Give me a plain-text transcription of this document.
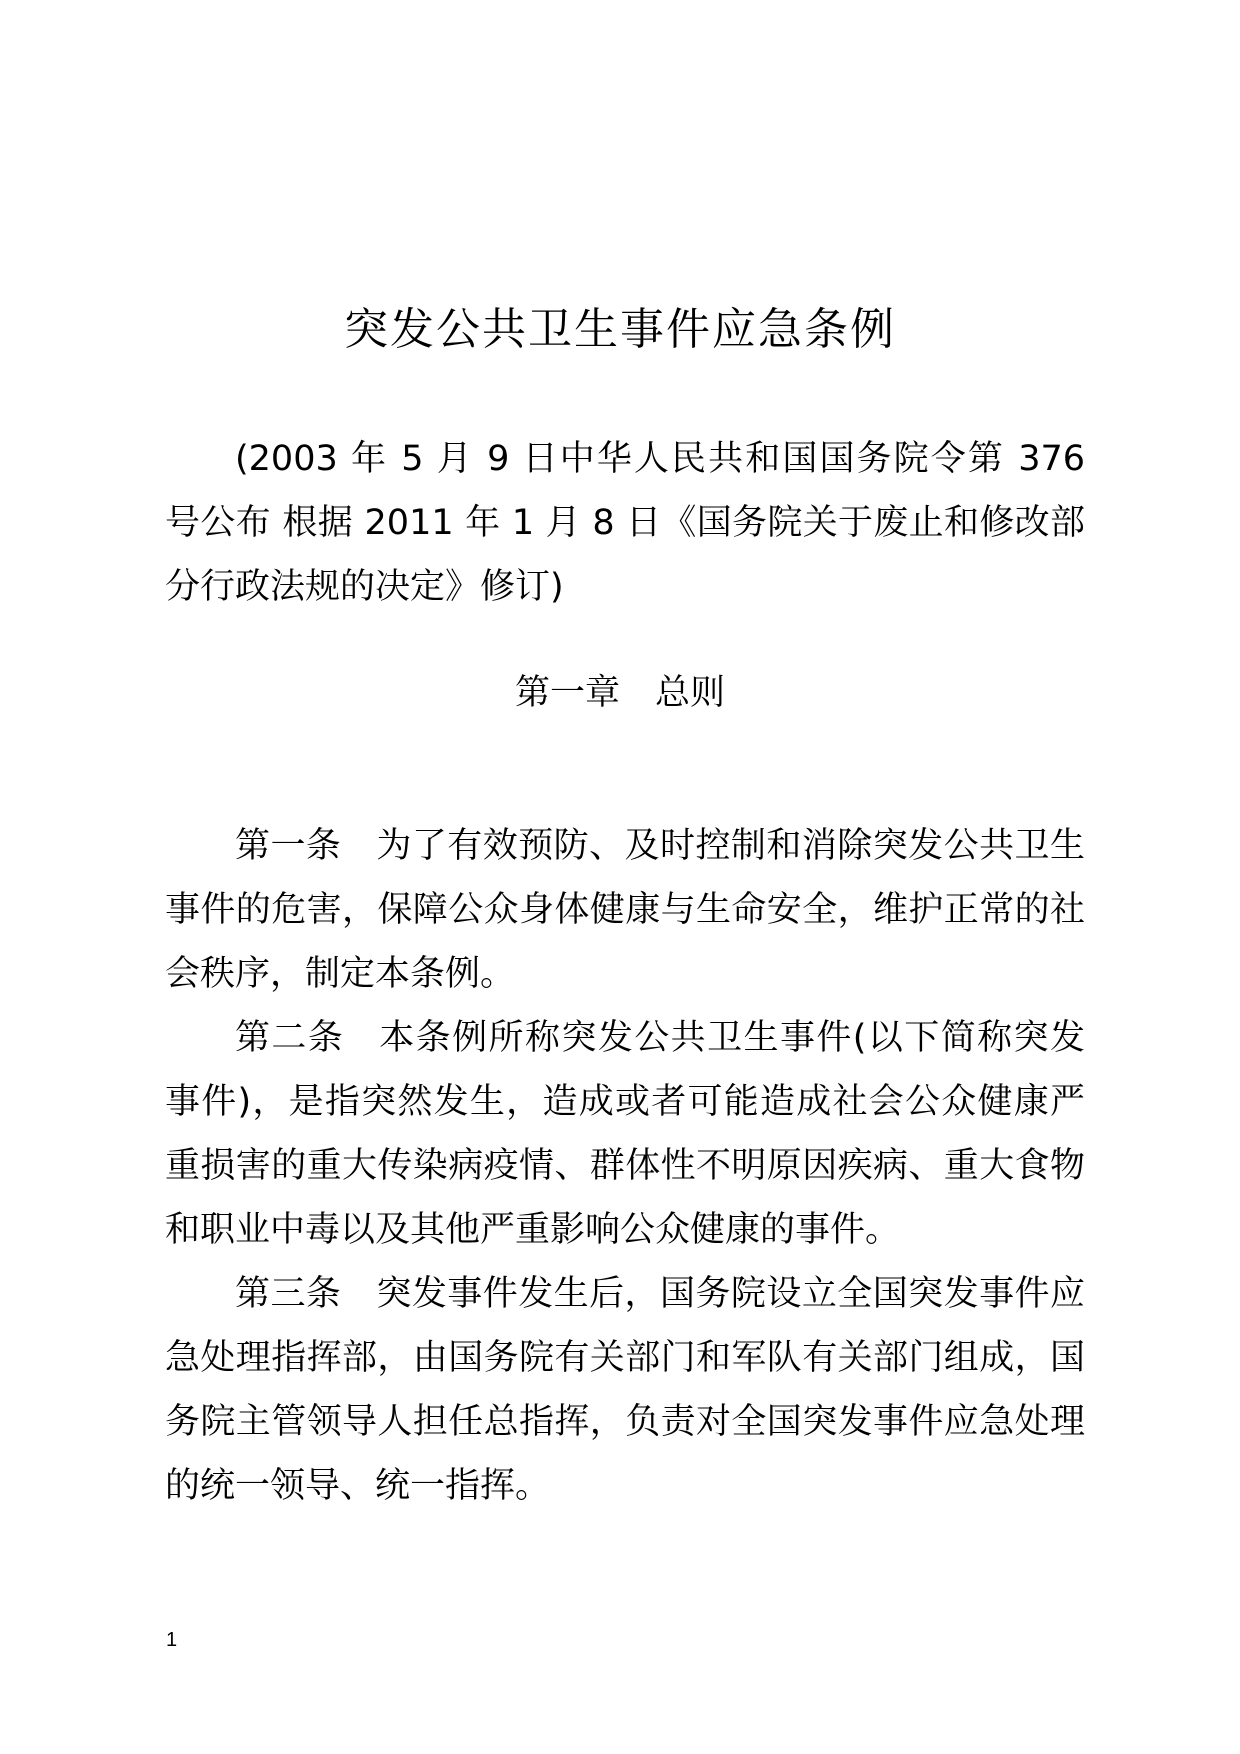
突发公共卫生事件应急条例

(2003 年 5 月 9 日中华人民共和国国务院令第 376 号公布 根据 2011 年 1 月 8 日《国务院关于废止和修改部分行政法规的决定》修订)

第一章 总则

第一条 为了有效预防、及时控制和消除突发公共卫生事件的危害，保障公众身体健康与生命安全，维护正常的社会秩序，制定本条例。

第二条 本条例所称突发公共卫生事件(以下简称突发事件)，是指突然发生，造成或者可能造成社会公众健康严重损害的重大传染病疫情、群体性不明原因疾病、重大食物和职业中毒以及其他严重影响公众健康的事件。

第三条 突发事件发生后，国务院设立全国突发事件应急处理指挥部，由国务院有关部门和军队有关部门组成，国务院主管领导人担任总指挥，负责对全国突发事件应急处理的统一领导、统一指挥。

1
